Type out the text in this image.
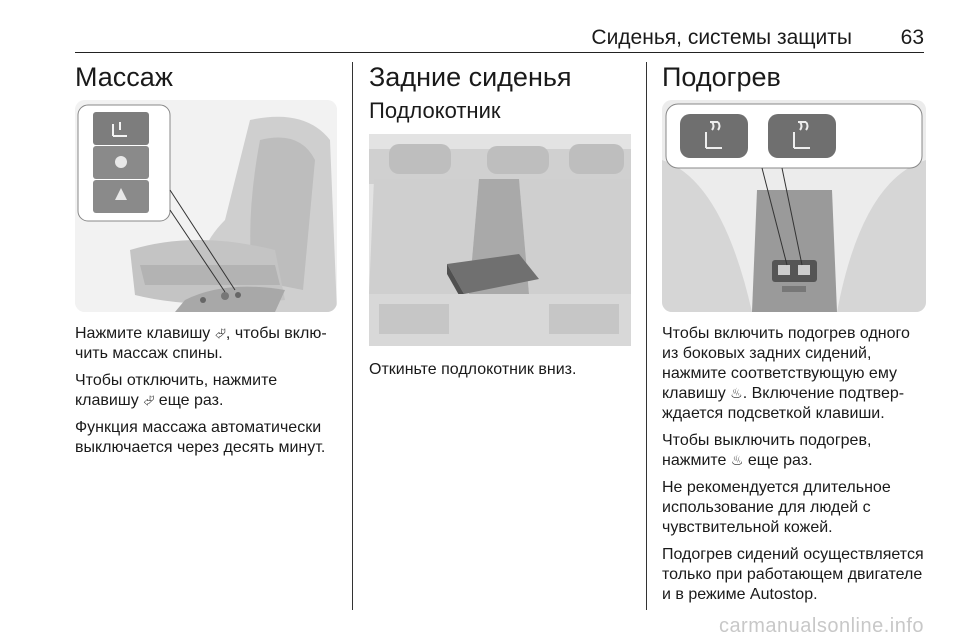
Сиденья, системы защиты 63
Массаж

Нажмите клавишу ⮰, чтобы вклю-чить массаж спины.

Чтобы отключить, нажмите клавишу ⮰ еще раз.

Функция массажа автоматически выключается через десять минут.

Задние сиденья
Подлокотник

Откиньте подлокотник вниз.

Подогрев

Чтобы включить подогрев одного из боковых задних сидений, нажмите соответствующую ему клавишу ♨. Включение подтвер-ждается подсветкой клавиши.

Чтобы выключить подогрев, нажмите ♨ еще раз.

Не рекомендуется длительное использование для людей с чувствительной кожей.

Подогрев сидений осуществляется только при работающем двигателе и в режиме Autostop.

carmanualsonline.info
